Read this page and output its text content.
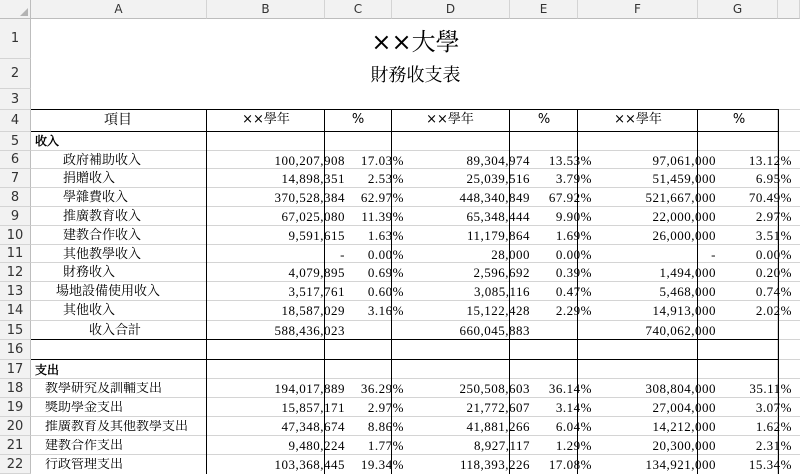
A	B	C	D	E	F	G
1
2
3
4
5
6
7
8
9
10
11
12
13
14
15
16
17
18
19
20
21
22
××大學
財務收支表
項目	××學年	%	××學年	%	××學年	%
收入
政府補助收入	100,207,908 17.03%	89,304,974 13.53%	97,061,000	13.12%
捐贈收入	14,898,351 2.53%	25,039,516 3.79%	51,459,000	6.95%
學雜費收入	370,528,384 62.97%	448,340,849 67.92%	521,667,000	70.49%
推廣教育收入	67,025,080 11.39%	65,348,444 9.90%	22,000,000	2.97%
建教合作收入	9,591,615 1.63%	11,179,864 1.69%	26,000,000	3.51%
其他教學收入	- 0.00%	28,000 0.00%	-	0.00%
財務收入	4,079,895 0.69%	2,596,692 0.39%	1,494,000	0.20%
場地設備使用收入	3,517,761 0.60%	3,085,116 0.47%	5,468,000	0.74%
其他收入	18,587,029 3.16%	15,122,428 2.29%	14,913,000	2.02%
收入合計	588,436,023	660,045,883	740,062,000
支出
教學研究及訓輔支出	194,017,889 36.29%	250,508,603 36.14%	308,804,000	35.11%
獎助學金支出	15,857,171 2.97%	21,772,607 3.14%	27,004,000	3.07%
推廣教育及其他教學支出	47,348,674 8.86%	41,881,266 6.04%	14,212,000	1.62%
建教合作支出	9,480,224 1.77%	8,927,117 1.29%	20,300,000	2.31%
行政管理支出	103,368,445 19.34%	118,393,226 17.08%	134,921,000	15.34%
